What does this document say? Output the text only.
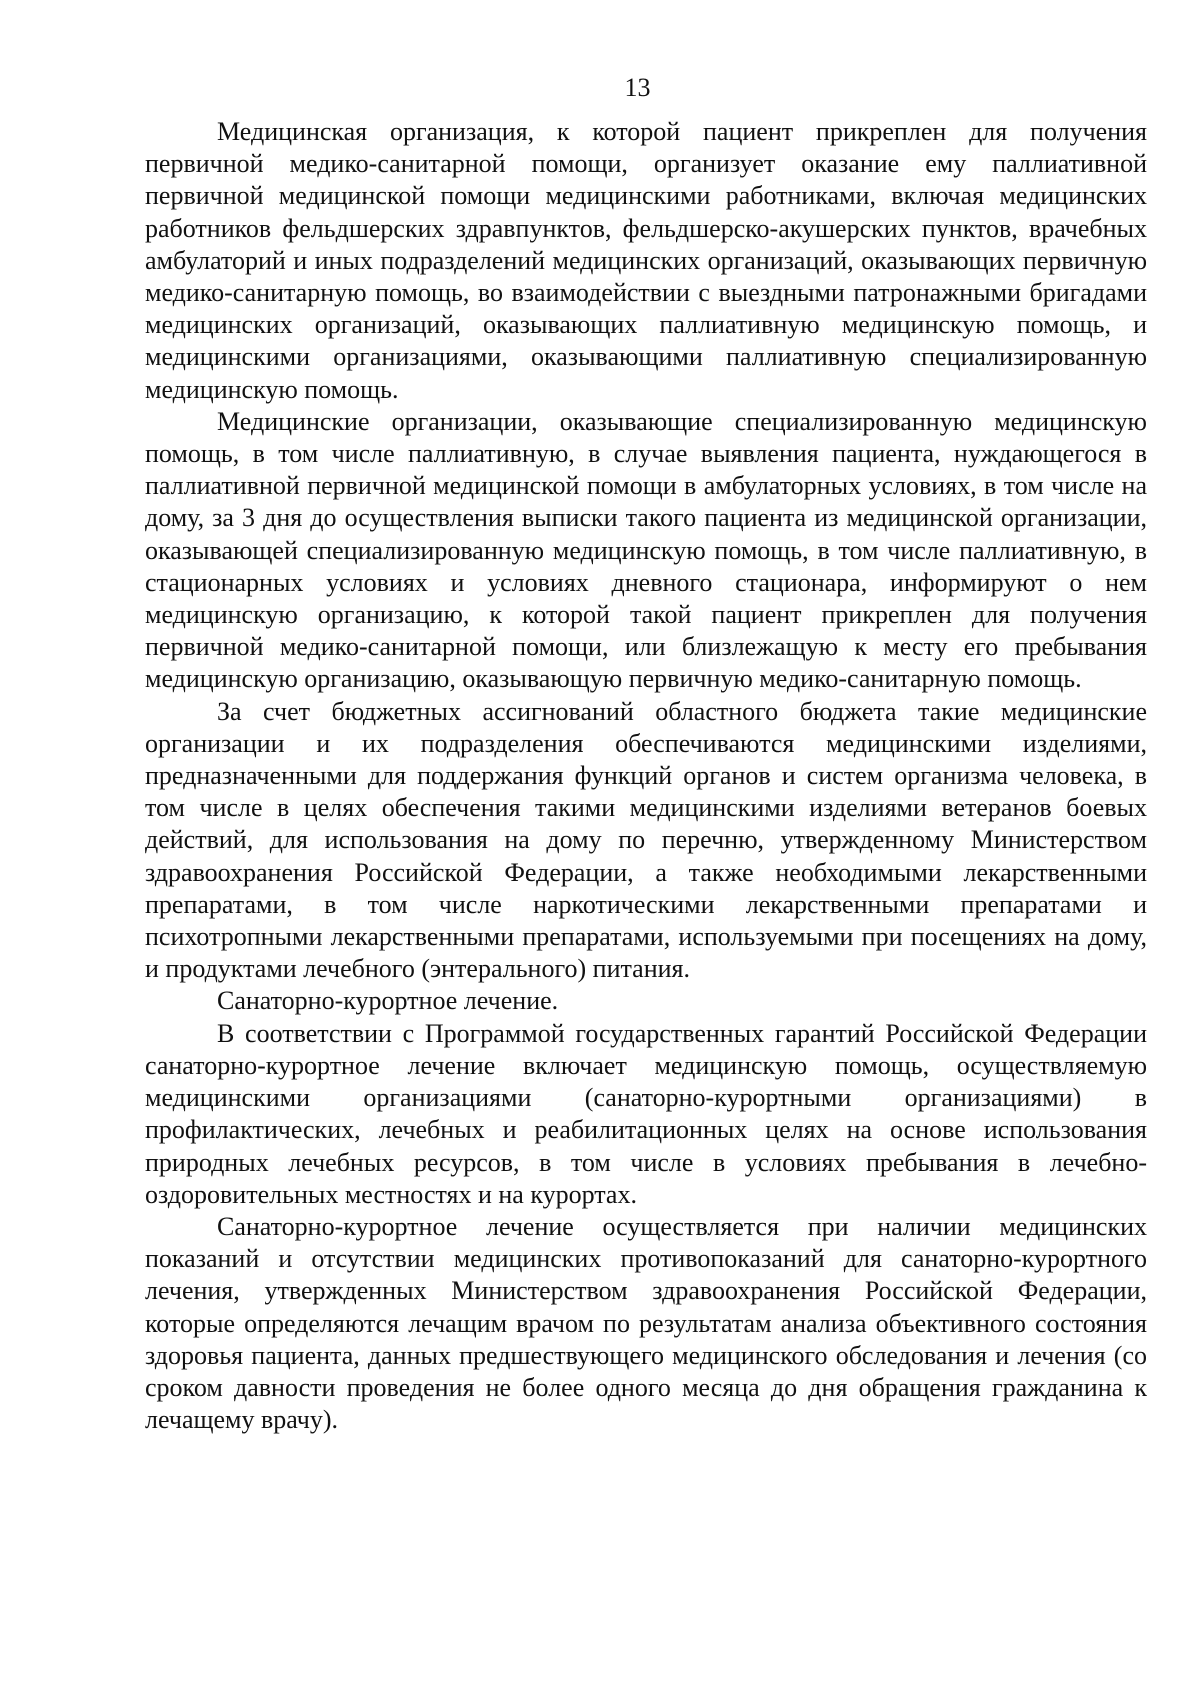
13

Медицинская организация, к которой пациент прикреплен для получения первичной медико-санитарной помощи, организует оказание ему паллиативной первичной медицинской помощи медицинскими работниками, включая медицинских работников фельдшерских здравпунктов, фельдшерско-акушерских пунктов, врачебных амбулаторий и иных подразделений медицинских организаций, оказывающих первичную медико-санитарную помощь, во взаимодействии с выездными патронажными бригадами медицинских организаций, оказывающих паллиативную медицинскую помощь, и медицинскими организациями, оказывающими паллиативную специализированную медицинскую помощь.

Медицинские организации, оказывающие специализированную медицинскую помощь, в том числе паллиативную, в случае выявления пациента, нуждающегося в паллиативной первичной медицинской помощи в амбулаторных условиях, в том числе на дому, за 3 дня до осуществления выписки такого пациента из медицинской организации, оказывающей специализированную медицинскую помощь, в том числе паллиативную, в стационарных условиях и условиях дневного стационара, информируют о нем медицинскую организацию, к которой такой пациент прикреплен для получения первичной медико-санитарной помощи, или близлежащую к месту его пребывания медицинскую организацию, оказывающую первичную медико-санитарную помощь.

За счет бюджетных ассигнований областного бюджета такие медицинские организации и их подразделения обеспечиваются медицинскими изделиями, предназначенными для поддержания функций органов и систем организма человека, в том числе в целях обеспечения такими медицинскими изделиями ветеранов боевых действий, для использования на дому по перечню, утвержденному Министерством здравоохранения Российской Федерации, а также необходимыми лекарственными препаратами, в том числе наркотическими лекарственными препаратами и психотропными лекарственными препаратами, используемыми при посещениях на дому, и продуктами лечебного (энтерального) питания.

Санаторно-курортное лечение.

В соответствии с Программой государственных гарантий Российской Федерации санаторно-курортное лечение включает медицинскую помощь, осуществляемую медицинскими организациями (санаторно-курортными организациями) в профилактических, лечебных и реабилитационных целях на основе использования природных лечебных ресурсов, в том числе в условиях пребывания в лечебно-оздоровительных местностях и на курортах.

Санаторно-курортное лечение осуществляется при наличии медицинских показаний и отсутствии медицинских противопоказаний для санаторно-курортного лечения, утвержденных Министерством здравоохранения Российской Федерации, которые определяются лечащим врачом по результатам анализа объективного состояния здоровья пациента, данных предшествующего медицинского обследования и лечения (со сроком давности проведения не более одного месяца до дня обращения гражданина к лечащему врачу).
